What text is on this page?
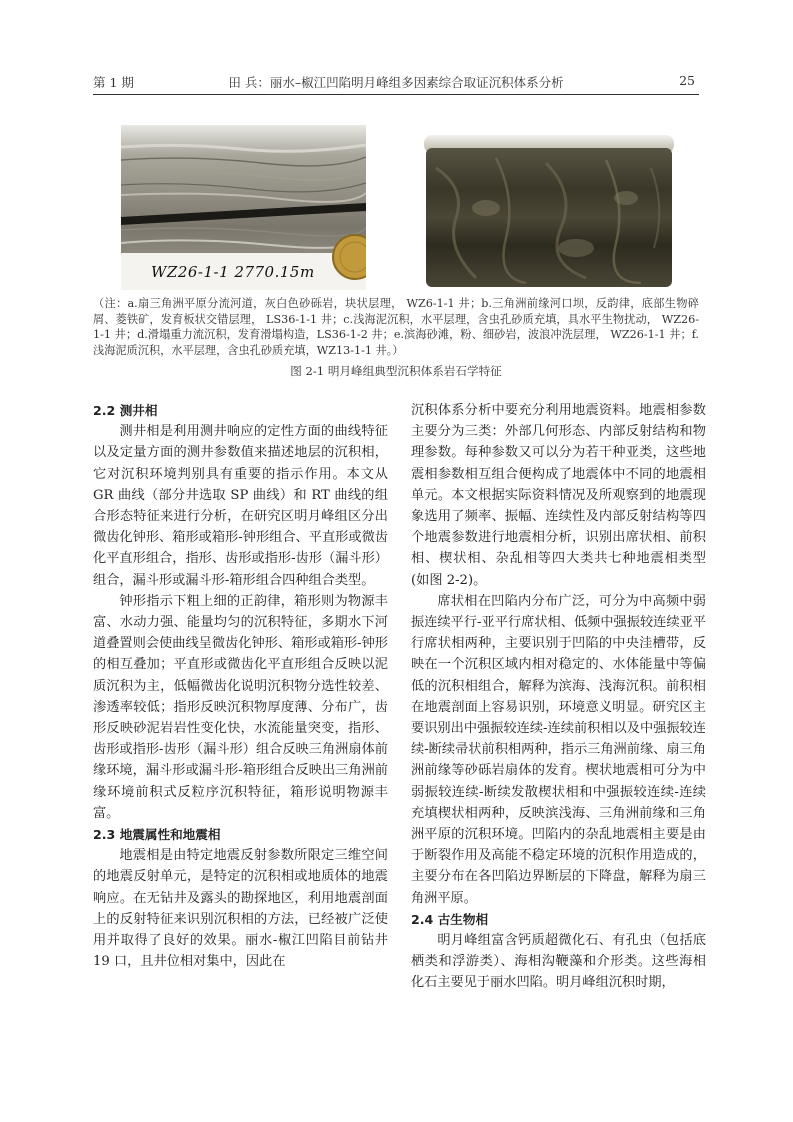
第 1 期	田 兵：丽水–椒江凹陷明月峰组多因素综合取证沉积体系分析	25
WZ26-1-1 2770.15m
（注：a.扇三角洲平原分流河道，灰白色砂砾岩，块状层理， WZ6-1-1 井；b.三角洲前缘河口坝，反韵律，底部生物碎屑、菱铁矿，发育板状交错层理， LS36-1-1 井；c.浅海泥沉积，水平层理，含虫孔砂质充填，具水平生物扰动， WZ26-1-1 井；d.滑塌重力流沉积，发育滑塌构造，LS36-1-2 井；e.滨海砂滩，粉、细砂岩，波浪冲洗层理， WZ26-1-1 井；f.浅海泥质沉积，水平层理，含虫孔砂质充填，WZ13-1-1 井。）
图 2-1 明月峰组典型沉积体系岩石学特征
2.2 测井相

测井相是利用测井响应的定性方面的曲线特征以及定量方面的测井参数值来描述地层的沉积相，它对沉积环境判别具有重要的指示作用。本文从 GR 曲线（部分井选取 SP 曲线）和 RT 曲线的组合形态特征来进行分析，在研究区明月峰组区分出微齿化钟形、箱形或箱形-钟形组合、平直形或微齿化平直形组合，指形、齿形或指形-齿形（漏斗形）组合，漏斗形或漏斗形-箱形组合四种组合类型。

钟形指示下粗上细的正韵律，箱形则为物源丰富、水动力强、能量均匀的沉积特征，多期水下河道叠置则会使曲线呈微齿化钟形、箱形或箱形-钟形的相互叠加；平直形或微齿化平直形组合反映以泥质沉积为主，低幅微齿化说明沉积物分选性较差、渗透率较低；指形反映沉积物厚度薄、分布广，齿形反映砂泥岩岩性变化快，水流能量突变，指形、齿形或指形-齿形（漏斗形）组合反映三角洲扇体前缘环境，漏斗形或漏斗形-箱形组合反映出三角洲前缘环境前积式反粒序沉积特征，箱形说明物源丰富。

2.3 地震属性和地震相

地震相是由特定地震反射参数所限定三维空间的地震反射单元，是特定的沉积相或地质体的地震响应。在无钻井及露头的勘探地区，利用地震剖面上的反射特征来识别沉积相的方法，已经被广泛使用并取得了良好的效果。丽水-椒江凹陷目前钻井 19 口，且井位相对集中，因此在

沉积体系分析中要充分利用地震资料。地震相参数主要分为三类：外部几何形态、内部反射结构和物理参数。每种参数又可以分为若干种亚类，这些地震相参数相互组合便构成了地震体中不同的地震相单元。本文根据实际资料情况及所观察到的地震现象选用了频率、振幅、连续性及内部反射结构等四个地震参数进行地震相分析，识别出席状相、前积相、楔状相、杂乱相等四大类共七种地震相类型(如图 2-2)。

席状相在凹陷内分布广泛，可分为中高频中弱振连续平行-亚平行席状相、低频中强振较连续亚平行席状相两种，主要识别于凹陷的中央洼槽带，反映在一个沉积区域内相对稳定的、水体能量中等偏低的沉积相组合，解释为滨海、浅海沉积。前积相在地震剖面上容易识别，环境意义明显。研究区主要识别出中强振较连续-连续前积相以及中强振较连续-断续帚状前积相两种，指示三角洲前缘、扇三角洲前缘等砂砾岩扇体的发育。楔状地震相可分为中弱振较连续-断续发散楔状相和中强振较连续-连续充填楔状相两种，反映滨浅海、三角洲前缘和三角洲平原的沉积环境。凹陷内的杂乱地震相主要是由于断裂作用及高能不稳定环境的沉积作用造成的，主要分布在各凹陷边界断层的下降盘，解释为扇三角洲平原。

2.4 古生物相

明月峰组富含钙质超微化石、有孔虫（包括底栖类和浮游类）、海相沟鞭藻和介形类。这些海相化石主要见于丽水凹陷。明月峰组沉积时期，
